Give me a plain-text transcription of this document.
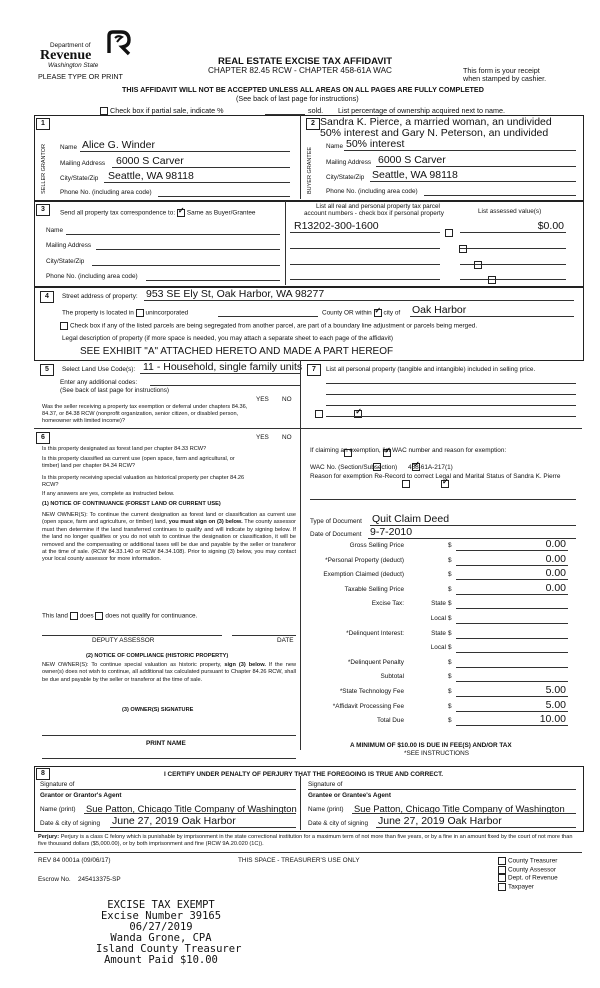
Department of
Revenue
Washington State
PLEASE TYPE OR PRINT
REAL ESTATE EXCISE TAX AFFIDAVIT
CHAPTER 82.45 RCW - CHAPTER 458-61A WAC	This form is your receipt
when stamped by cashier.
THIS AFFIDAVIT WILL NOT BE ACCEPTED UNLESS ALL AREAS ON ALL PAGES ARE FULLY COMPLETED
(See back of last page for instructions)
Check box if partial sale, indicate %	sold. List percentage of ownership acquired next to name.
1	2
SELLER GRANTOR	BUYER GRANTEE
Name Alice G. Winder
Mailing Address 6000 S Carver
City/State/Zip Seattle, WA 98118
Phone No. (including area code)
Sandra K. Pierce, a married woman, an undivided
50% interest and Gary N. Peterson, an undivided
Name 50% interest
Mailing Address 6000 S Carver
City/State/Zip Seattle, WA 98118
Phone No. (including area code)
3
Send all property tax correspondence to: ✓ Same as Buyer/Grantee
Name
Mailing Address
City/State/Zip
Phone No. (including area code)
List all real and personal property tax parcel
account numbers - check box if personal property	List assessed value(s)
R13202-300-1600	$0.00

4	Street address of property: 953 SE Ely St, Oak Harbor, WA 98277
The property is located in unincorporated	County OR within ✓ city of Oak Harbor
Check box if any of the listed parcels are being segregated from another parcel, are part of a boundary line adjustment or parcels being merged.
Legal description of property (if more space is needed, you may attach a separate sheet to each page of the affidavit)
SEE EXHIBIT "A" ATTACHED HERETO AND MADE A PART HEREOF
5	Select Land Use Code(s): 11 - Household, single family units	7	List all personal property (tangible and intangible) included in selling price.
Enter any additional codes:
(See back of last page for instructions)
YES NO
Was the seller receiving a property tax exemption or deferral under chapters 84.36, 84.37, or 84.38 RCW (nonprofit organization, senior citizen, or disabled person, homeowner with limited income)?
✓
6	YES NO
Is this property designated as forest land per chapter 84.33 RCW?
✓
Is this property classified as current use (open space, farm and agricultural, or timber) land per chapter 84.34 RCW?
✓
Is this property receiving special valuation as historical property per chapter 84.26 RCW?
✓
If any answers are yes, complete as instructed below.
(1) NOTICE OF CONTINUANCE (FOREST LAND OR CURRENT USE)
NEW OWNER(S): To continue the current designation as forest land or classification as current use (open space, farm and agriculture, or timber) land, you must sign on (3) below. The county assessor must then determine if the land transferred continues to qualify and will indicate by signing below. If the land no longer qualifies or you do not wish to continue the designation or classification, it will be removed and the compensating or additional taxes will be due and payable by the seller or transferor at the time of sale. (RCW 84.33.140 or RCW 84.34.108). Prior to signing (3) below, you may contact your local county assessor for more information.
This land does does not qualify for continuance.
DEPUTY ASSESSOR	DATE
(2) NOTICE OF COMPLIANCE (HISTORIC PROPERTY)
NEW OWNER(S): To continue special valuation as historic property, sign (3) below. If the new owner(s) does not wish to continue, all additional tax calculated pursuant to Chapter 84.26 RCW, shall be due and payable by the seller or transferor at the time of sale.
(3) OWNER(S) SIGNATURE
PRINT NAME
If claiming an exemption, list WAC number and reason for exemption:
WAC No. (Section/Subsection) 458-61A-217(1)
Reason for exemption Re-Record to correct Legal and Marital Status of Sandra K. Pierre
Type of Document Quit Claim Deed
Date of Document 9-7-2010
Gross Selling Price	$	0.00
*Personal Property (deduct)	$	0.00
Exemption Claimed (deduct)	$	0.00
Taxable Selling Price	$	0.00
Excise Tax:	State $
Local $
*Delinquent Interest:	State $
Local $
*Delinquent Penalty	$
Subtotal	$
*State Technology Fee	$	5.00
*Affidavit Processing Fee	$	5.00
Total Due	$	10.00
A MINIMUM OF $10.00 IS DUE IN FEE(S) AND/OR TAX
*SEE INSTRUCTIONS
8	I CERTIFY UNDER PENALTY OF PERJURY THAT THE FOREGOING IS TRUE AND CORRECT.
Signature of
Grantor or Grantor's Agent
Name (print) Sue Patton, Chicago Title Company of Washington
Date & city of signing June 27, 2019 Oak Harbor
Signature of
Grantee or Grantee's Agent
Name (print) Sue Patton, Chicago Title Company of Washington
Date & city of signing June 27, 2019 Oak Harbor
Perjury: Perjury is a class C felony which is punishable by imprisonment in the state correctional institution for a maximum term of not more than five years, or by a fine in an amount fixed by the court of not more than five thousand dollars ($5,000.00), or by both imprisonment and fine (RCW 9A.20.020 (1C)).
REV 84 0001a (09/06/17)	THIS SPACE - TREASURER'S USE ONLY
Escrow No. 245413375-SP
County Treasurer
County Assessor
Dept. of Revenue
Taxpayer
EXCISE TAX EXEMPT
Excise Number 39165
06/27/2019
Wanda Grone, CPA
Island County Treasurer
Amount Paid $10.00
